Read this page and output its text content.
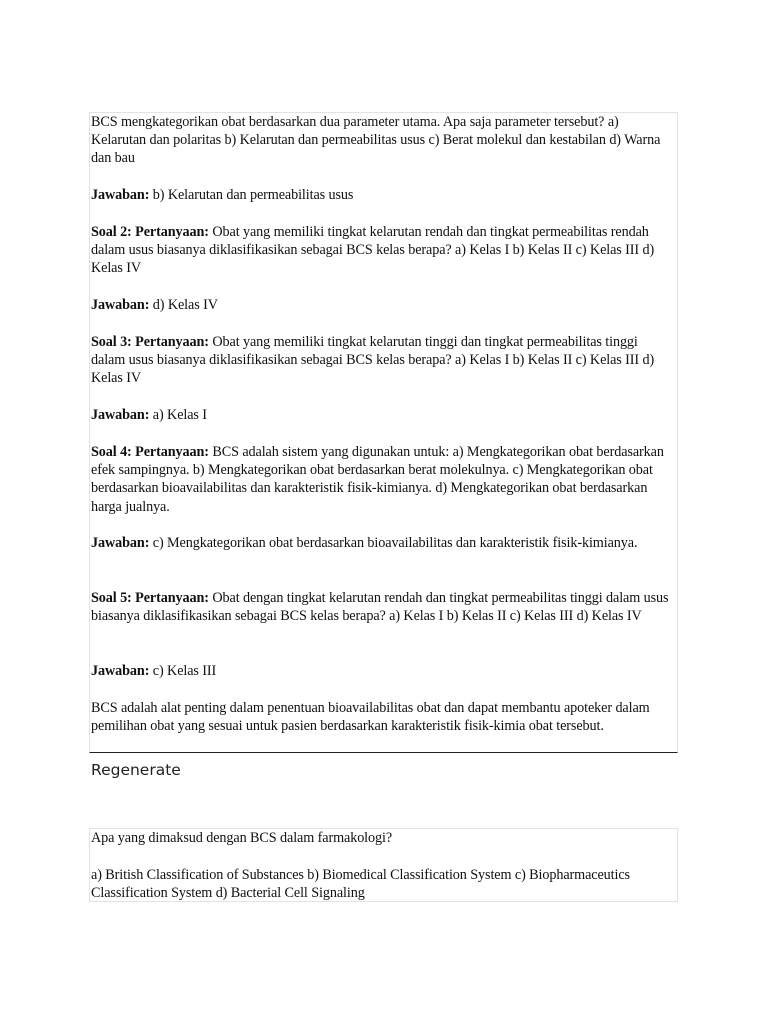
BCS mengkategorikan obat berdasarkan dua parameter utama. Apa saja parameter tersebut? a) Kelarutan dan polaritas b) Kelarutan dan permeabilitas usus c) Berat molekul dan kestabilan d) Warna dan bau

Jawaban: b) Kelarutan dan permeabilitas usus

Soal 2: Pertanyaan: Obat yang memiliki tingkat kelarutan rendah dan tingkat permeabilitas rendah dalam usus biasanya diklasifikasikan sebagai BCS kelas berapa? a) Kelas I b) Kelas II c) Kelas III d) Kelas IV

Jawaban: d) Kelas IV

Soal 3: Pertanyaan: Obat yang memiliki tingkat kelarutan tinggi dan tingkat permeabilitas tinggi dalam usus biasanya diklasifikasikan sebagai BCS kelas berapa? a) Kelas I b) Kelas II c) Kelas III d) Kelas IV

Jawaban: a) Kelas I

Soal 4: Pertanyaan: BCS adalah sistem yang digunakan untuk: a) Mengkategorikan obat berdasarkan efek sampingnya. b) Mengkategorikan obat berdasarkan berat molekulnya. c) Mengkategorikan obat berdasarkan bioavailabilitas dan karakteristik fisik-kimianya. d) Mengkategorikan obat berdasarkan harga jualnya.

Jawaban: c) Mengkategorikan obat berdasarkan bioavailabilitas dan karakteristik fisik-kimianya.

Soal 5: Pertanyaan: Obat dengan tingkat kelarutan rendah dan tingkat permeabilitas tinggi dalam usus biasanya diklasifikasikan sebagai BCS kelas berapa? a) Kelas I b) Kelas II c) Kelas III d) Kelas IV

Jawaban: c) Kelas III

BCS adalah alat penting dalam penentuan bioavailabilitas obat dan dapat membantu apoteker dalam pemilihan obat yang sesuai untuk pasien berdasarkan karakteristik fisik-kimia obat tersebut.

Regenerate

Apa yang dimaksud dengan BCS dalam farmakologi?

a) British Classification of Substances b) Biomedical Classification System c) Biopharmaceutics Classification System d) Bacterial Cell Signaling
